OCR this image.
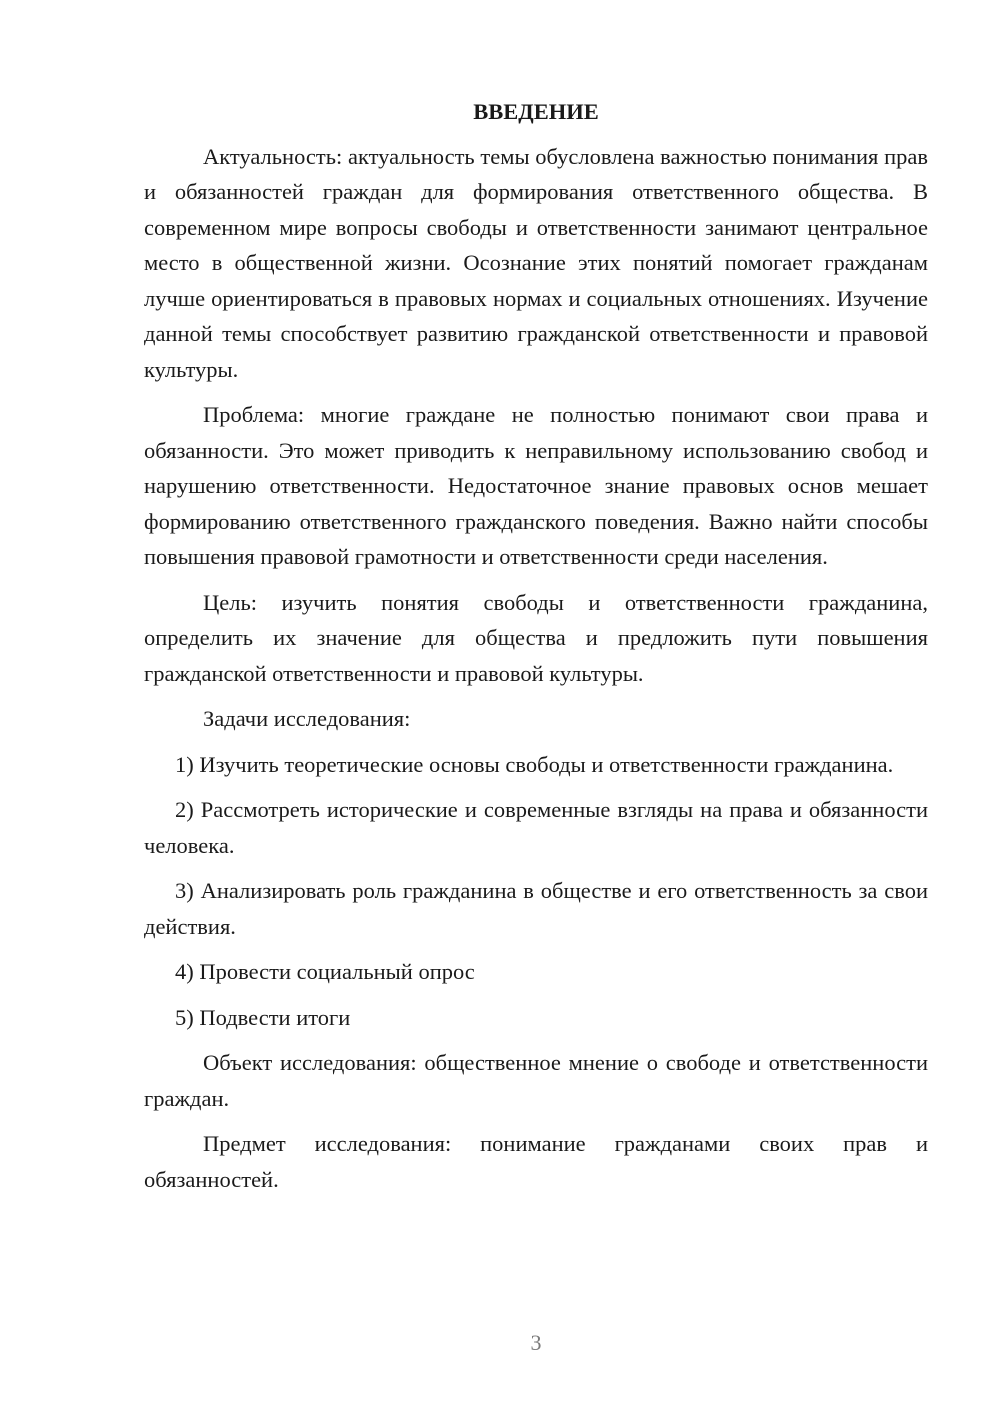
ВВЕДЕНИЕ

Актуальность: актуальность темы обусловлена важностью понимания прав и обязанностей граждан для формирования ответственного общества. В современном мире вопросы свободы и ответственности занимают центральное место в общественной жизни. Осознание этих понятий помогает гражданам лучше ориентироваться в правовых нормах и социальных отношениях. Изучение данной темы способствует развитию гражданской ответственности и правовой культуры.

Проблема: многие граждане не полностью понимают свои права и обязанности. Это может приводить к неправильному использованию свобод и нарушению ответственности. Недостаточное знание правовых основ мешает формированию ответственного гражданского поведения. Важно найти способы повышения правовой грамотности и ответственности среди населения.

Цель: изучить понятия свободы и ответственности гражданина, определить их значение для общества и предложить пути повышения гражданской ответственности и правовой культуры.

Задачи исследования:

1) Изучить теоретические основы свободы и ответственности гражданина.

2) Рассмотреть исторические и современные взгляды на права и обязанности человека.

3) Анализировать роль гражданина в обществе и его ответственность за свои действия.

4) Провести социальный опрос

5) Подвести итоги

Объект исследования: общественное мнение о свободе и ответственности граждан.

Предмет исследования: понимание гражданами своих прав и обязанностей.

3
